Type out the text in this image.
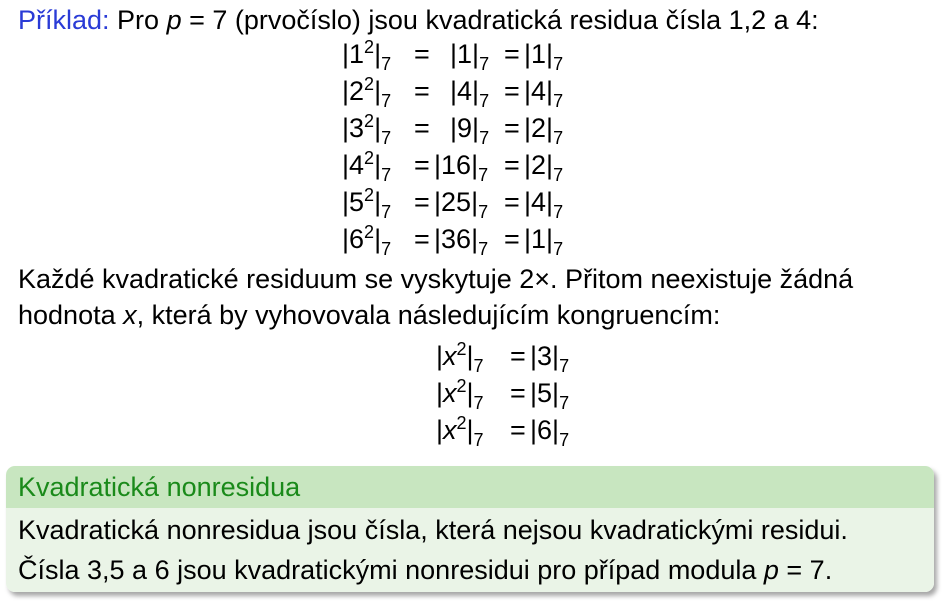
Příklad: Pro p = 7 (prvočíslo) jsou kvadratická residua čísla 1,2 a 4:
$|1^2|_7 = |1|_7 = |1|_7$
$|2^2|_7 = |4|_7 = |4|_7$
$|3^2|_7 = |9|_7 = |2|_7$
$|4^2|_7 = |16|_7 = |2|_7$
$|5^2|_7 = |25|_7 = |4|_7$
$|6^2|_7 = |36|_7 = |1|_7$
Každé kvadratické residuum se vyskytuje 2×. Přitom neexistuje žádná
hodnota x, která by vyhovovala následujícím kongruencím:
$|x^2|_7 = |3|_7$
$|x^2|_7 = |5|_7$
$|x^2|_7 = |6|_7$
Kvadratická nonresidua
Kvadratická nonresidua jsou čísla, která nejsou kvadratickými residui.
Čísla 3,5 a 6 jsou kvadratickými nonresidui pro případ modula p = 7.
